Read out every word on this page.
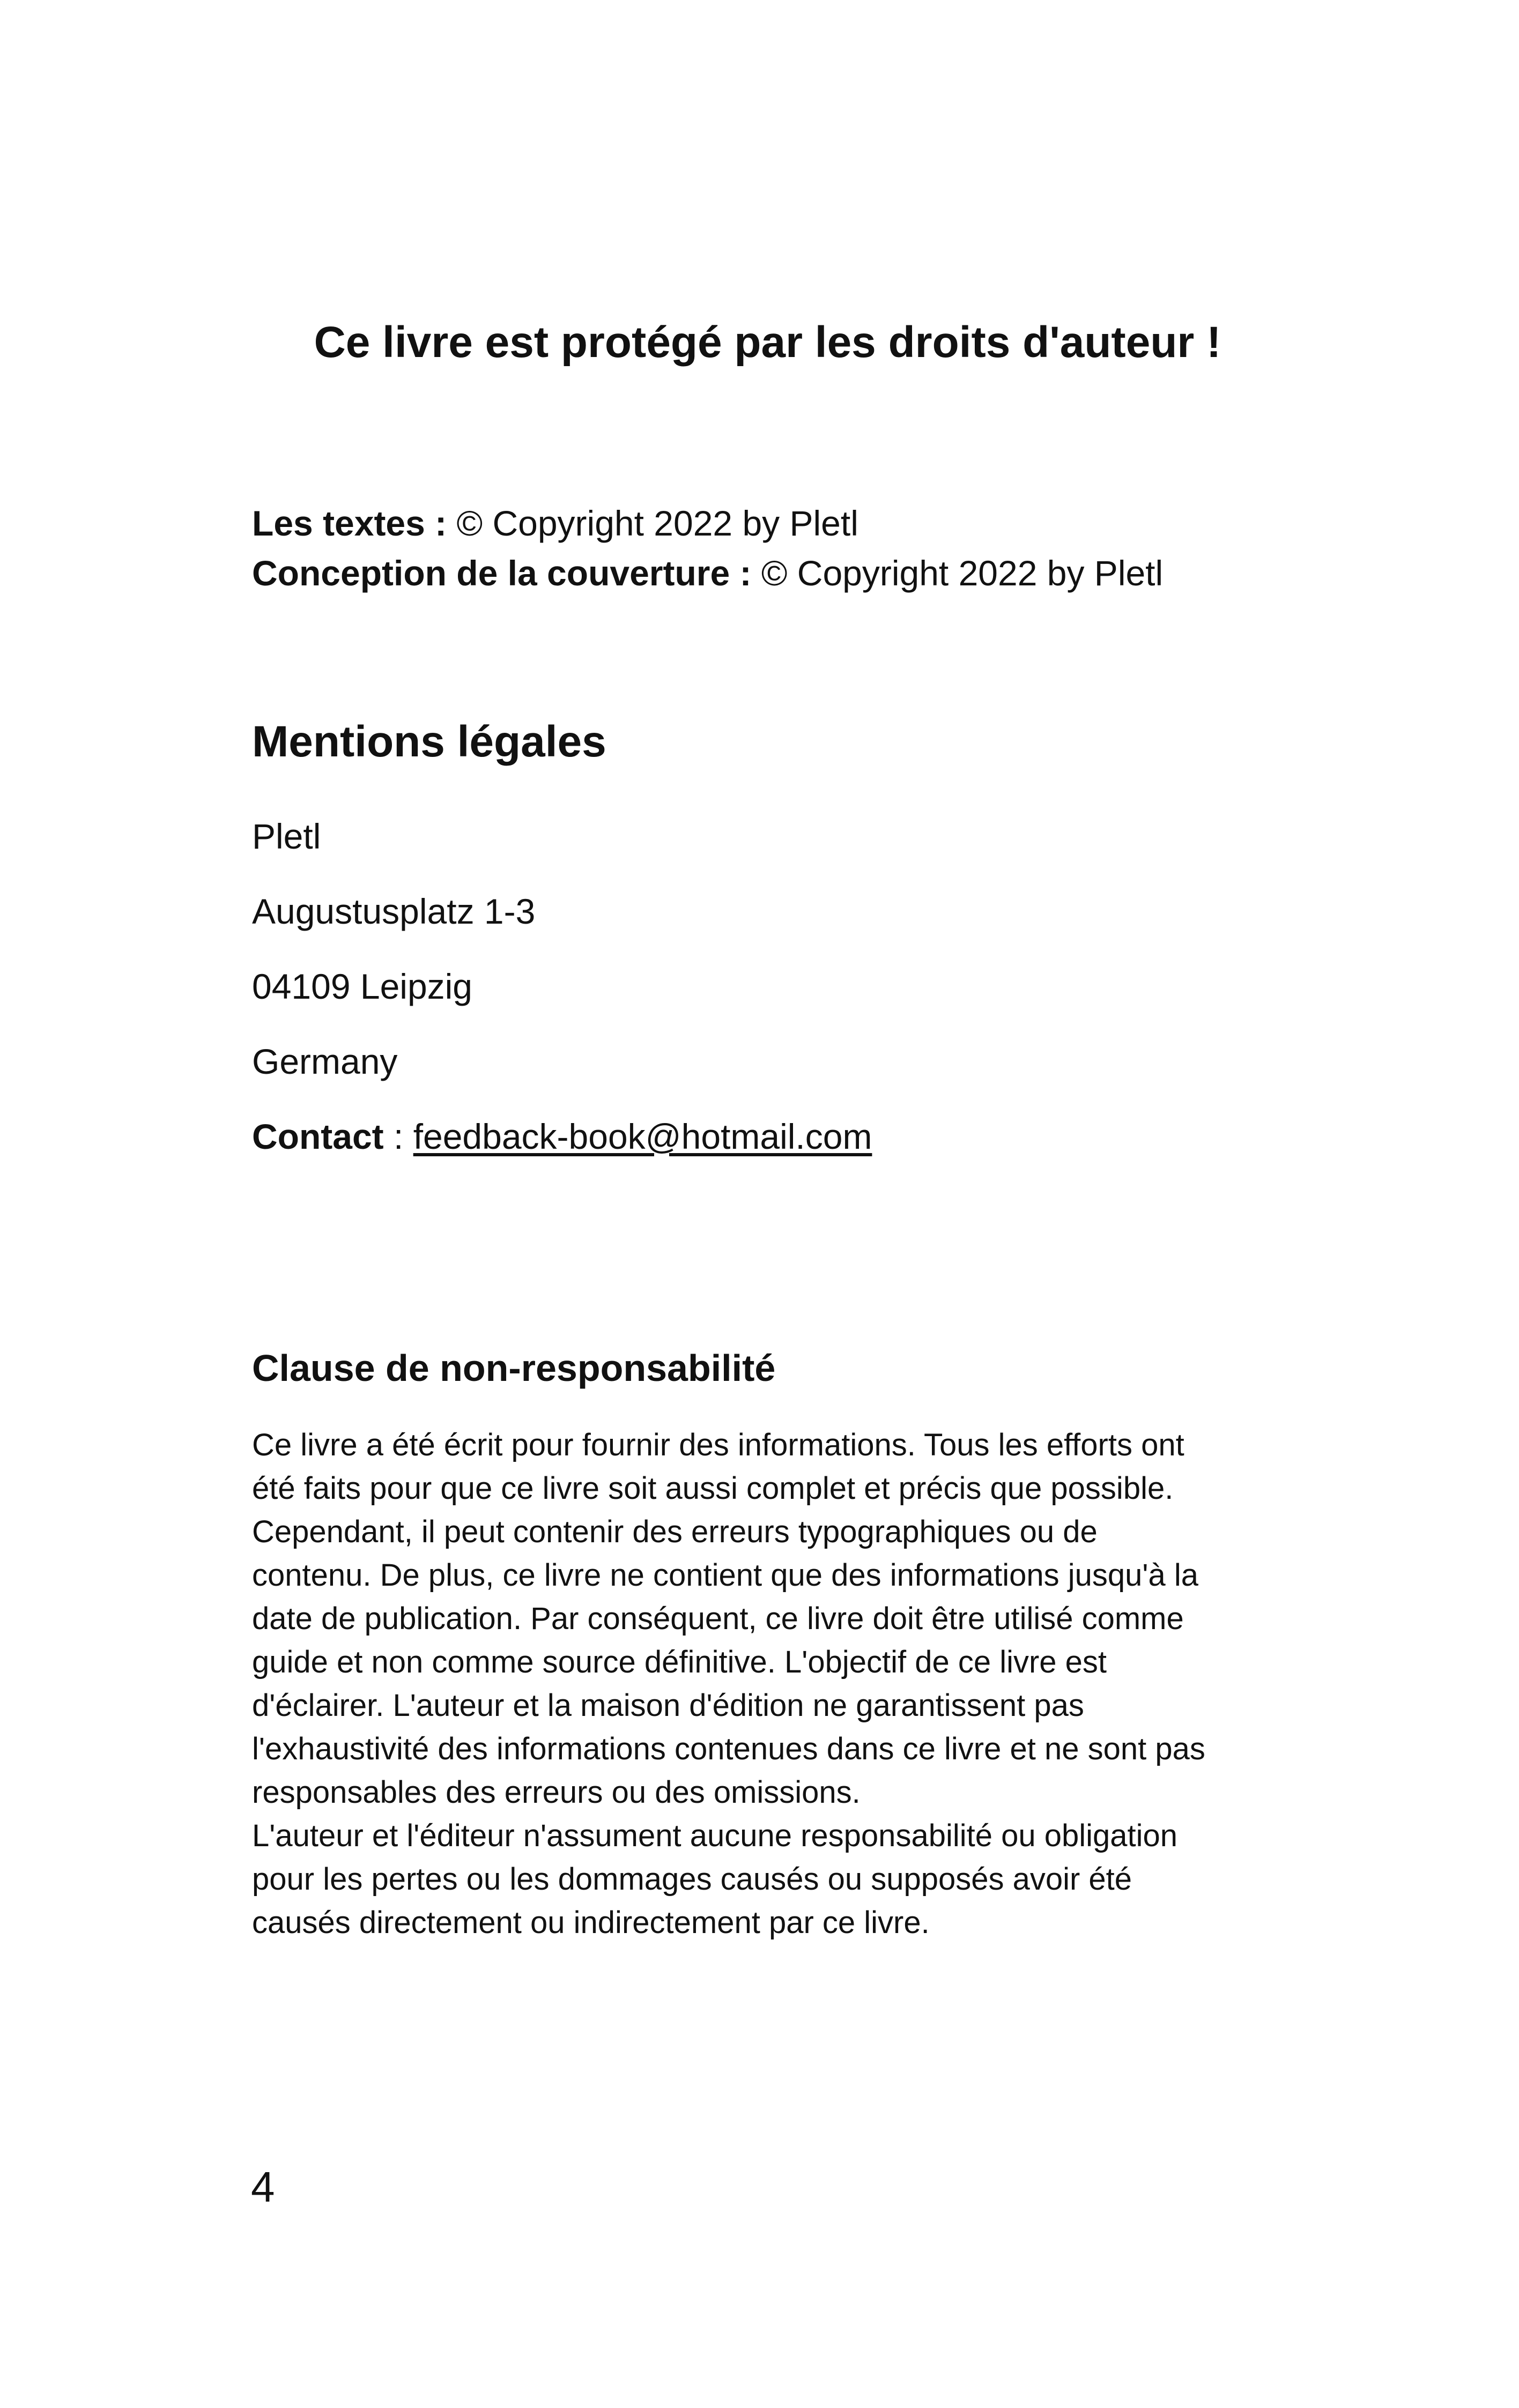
Ce livre est protégé par les droits d'auteur !
Les textes : © Copyright 2022 by Pletl
Conception de la couverture : © Copyright 2022 by Pletl
Mentions légales
Pletl
Augustusplatz 1-3
04109 Leipzig
Germany
Contact : feedback-book@hotmail.com
Clause de non-responsabilité

Ce livre a été écrit pour fournir des informations. Tous les efforts ont
été faits pour que ce livre soit aussi complet et précis que possible.
Cependant, il peut contenir des erreurs typographiques ou de
contenu. De plus, ce livre ne contient que des informations jusqu'à la
date de publication. Par conséquent, ce livre doit être utilisé comme
guide et non comme source définitive. L'objectif de ce livre est
d'éclairer. L'auteur et la maison d'édition ne garantissent pas
l'exhaustivité des informations contenues dans ce livre et ne sont pas
responsables des erreurs ou des omissions.
L'auteur et l'éditeur n'assument aucune responsabilité ou obligation
pour les pertes ou les dommages causés ou supposés avoir été
causés directement ou indirectement par ce livre.

4
